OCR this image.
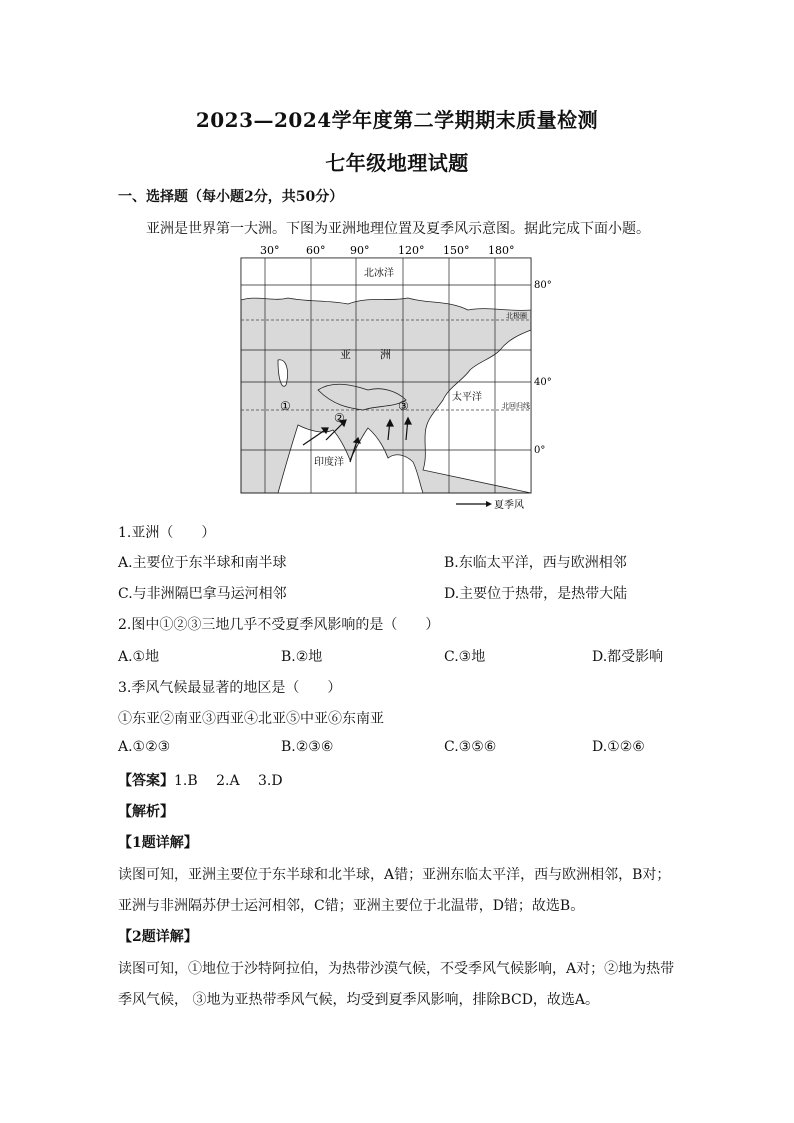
2023—2024学年度第二学期期末质量检测
七年级地理试题
一、选择题（每小题2分，共50分）
亚洲是世界第一大洲。下图为亚洲地理位置及夏季风示意图。据此完成下面小题。
30° 60° 90°	120° 150° 180°
北冰洋
亚	洲
太平洋
印度洋
北极圈
北回归线
①
②
③
80°
40°
0°
夏季风
1.亚洲（　　）
A.主要位于东半球和南半球	B.东临太平洋，西与欧洲相邻
C.与非洲隔巴拿马运河相邻	D.主要位于热带，是热带大陆
2.图中①②③三地几乎不受夏季风影响的是（　　）
A.①地	B.②地	C.③地	D.都受影响
3.季风气候最显著的地区是（　　）
①东亚②南亚③西亚④北亚⑤中亚⑥东南亚
A.①②③	B.②③⑥	C.③⑤⑥	D.①②⑥
【答案】1.B　 2.A　 3.D
【解析】
【1题详解】
读图可知，亚洲主要位于东半球和北半球，A错；亚洲东临太平洋，西与欧洲相邻，B对；
亚洲与非洲隔苏伊士运河相邻，C错；亚洲主要位于北温带，D错；故选B。
【2题详解】
读图可知，①地位于沙特阿拉伯，为热带沙漠气候，不受季风气候影响，A对；②地为热带
季风气候， ③地为亚热带季风气候，均受到夏季风影响，排除BCD，故选A。
